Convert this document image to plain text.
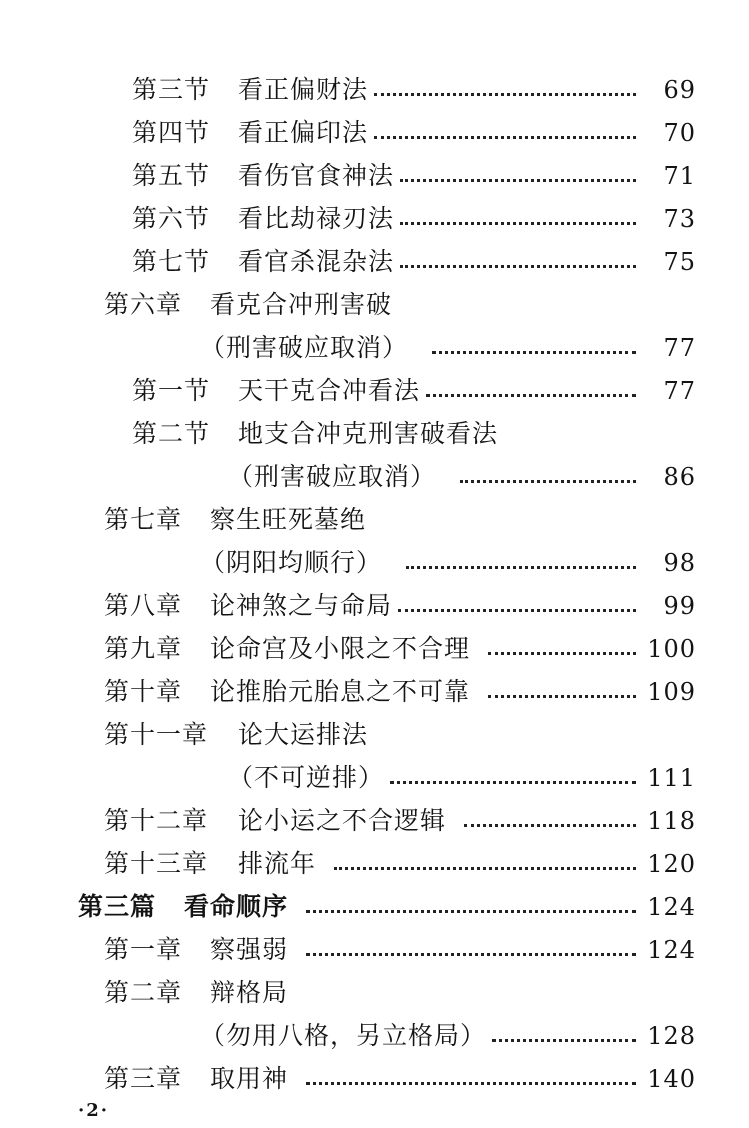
第三节	看正偏财法	69
第四节	看正偏印法	70
第五节	看伤官食神法	71
第六节	看比劫禄刃法	73
第七节	看官杀混杂法	75
第六章	看克合冲刑害破
（刑害破应取消）	77
第一节	天干克合冲看法	77
第二节	地支合冲克刑害破看法
（刑害破应取消）	86
第七章	察生旺死墓绝
（阴阳均顺行）	98
第八章	论神煞之与命局	99
第九章	论命宫及小限之不合理	100
第十章	论推胎元胎息之不可靠	109
第十一章	论大运排法
（不可逆排）	111
第十二章	论小运之不合逻辑	118
第十三章	排流年	120
第三篇	看命顺序	124
第一章	察强弱	124
第二章	辩格局
（勿用八格，另立格局）	128
第三章	取用神	140
·2·
